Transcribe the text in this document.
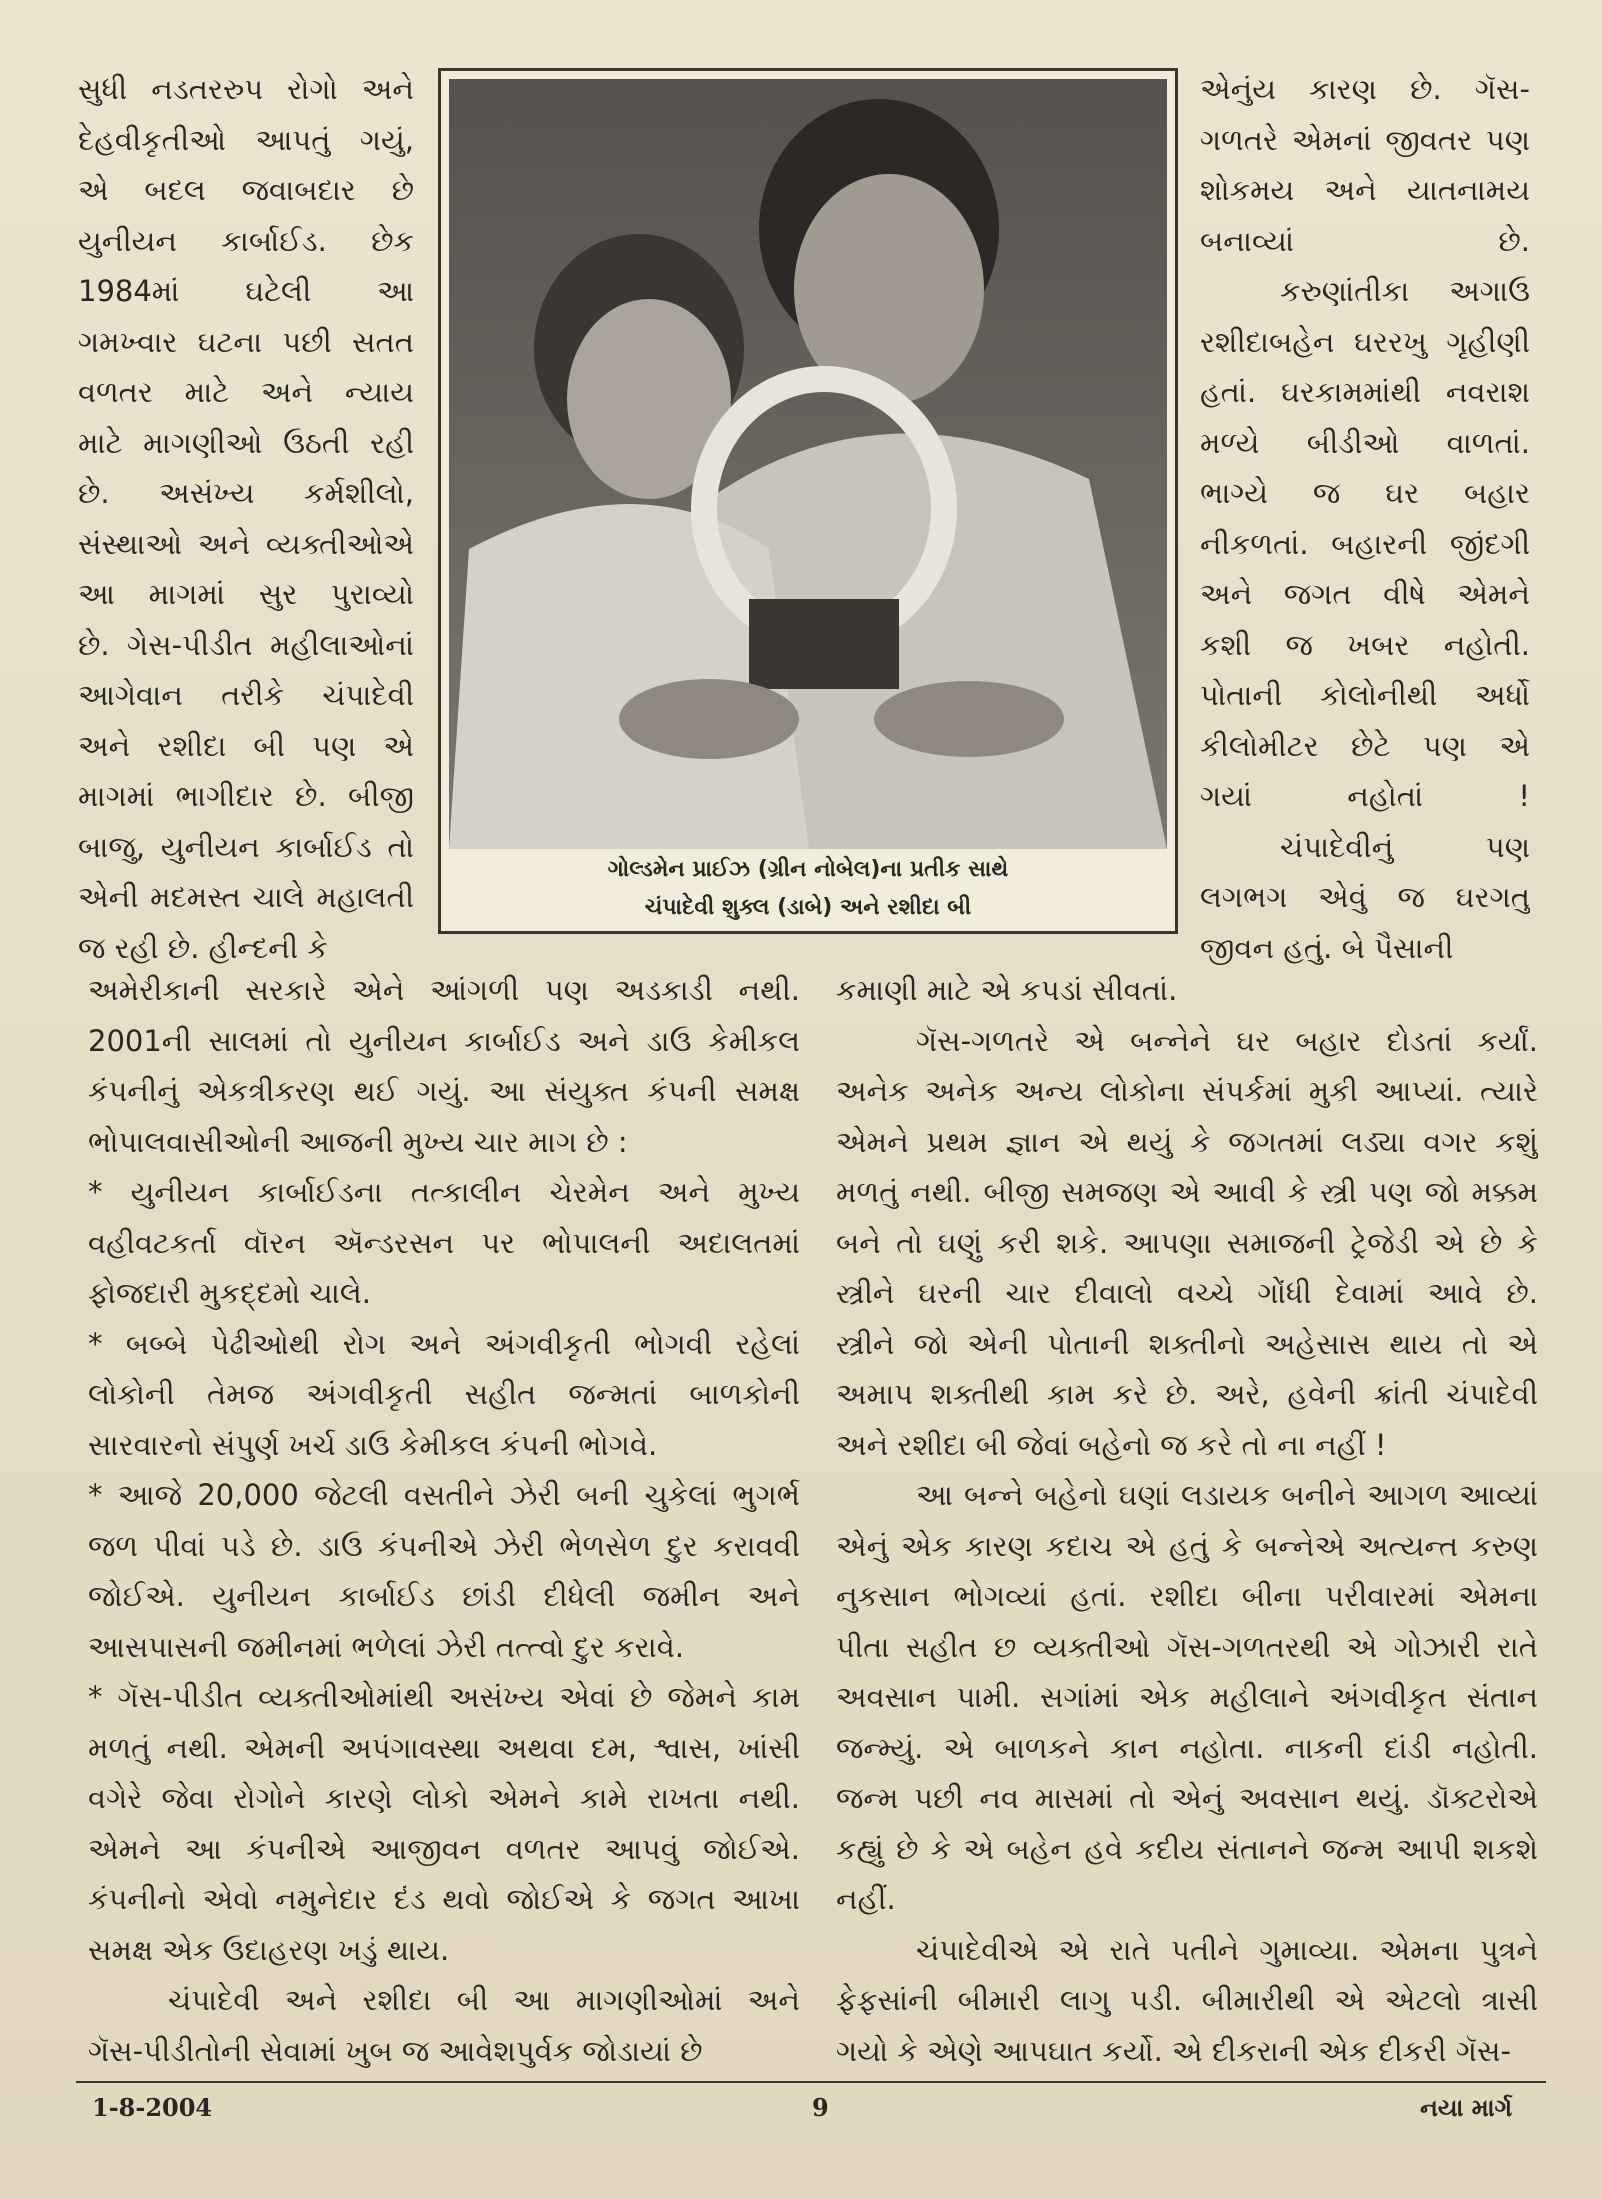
સુધી નડતરરુપ રોગો અને
દેહવીકૃતીઓ આપતું ગયું,
એ બદલ જવાબદાર છે
યુનીયન કાર્બાઈડ. છેક
1984માં ઘટેલી આ
ગમખ્વાર ઘટના પછી સતત
વળતર માટે અને ન્યાય
માટે માગણીઓ ઉઠતી રહી
છે. અસંખ્ય કર્મશીલો,
સંસ્થાઓ અને વ્યક્તીઓએ
આ માગમાં સુર પુરાવ્યો
છે. ગેસ-પીડીત મહીલાઓનાં
આગેવાન તરીકે ચંપાદેવી
અને રશીદા બી પણ એ
માગમાં ભાગીદાર છે. બીજી
બાજુ, યુનીયન કાર્બાઈડ તો
એની મદમસ્ત ચાલે મહાલતી
જ રહી છે. હીન્દની કે
ગોલ્ડમેન પ્રાઈઝ (ગ્રીન નોબેલ)ના પ્રતીક સાથે
ચંપાદેવી શુક્લ (ડાબે) અને રશીદા બી
એનુંય કારણ છે. ગૅસ-
ગળતરે એમનાં જીવતર પણ
શોકમય અને યાતનામય
બનાવ્યાં છે.
કરુણાંતીકા અગાઉ
રશીદાબહેન ઘરરખુ ગૃહીણી
હતાં. ઘરકામમાંથી નવરાશ
મળ્યે બીડીઓ વાળતાં.
ભાગ્યે જ ઘર બહાર
નીકળતાં. બહારની જીંદગી
અને જગત વીષે એમને
કશી જ ખબર નહોતી.
પોતાની કોલોનીથી અર્ધો
કીલોમીટર છેટે પણ એ
ગયાં નહોતાં !
ચંપાદેવીનું પણ
લગભગ એવું જ ઘરગતુ
જીવન હતું. બે પૈસાની
અમેરીકાની સરકારે એને આંગળી પણ અડકાડી નથી.
2001ની સાલમાં તો યુનીયન કાર્બાઈડ અને ડાઉ કેમીકલ
કંપનીનું એકત્રીકરણ થઈ ગયું. આ સંયુક્ત કંપની સમક્ષ
ભોપાલવાસીઓની આજની મુખ્ય ચાર માગ છે :
* યુનીયન કાર્બાઈડના તત્કાલીન ચેરમેન અને મુખ્ય
વહીવટકર્તા વૉરન ઍન્ડરસન પર ભોપાલની અદાલતમાં
ફોજદારી મુકદ્દમો ચાલે.
* બબ્બે પેઢીઓથી રોગ અને અંગવીકૃતી ભોગવી રહેલાં
લોકોની તેમજ અંગવીકૃતી સહીત જન્મતાં બાળકોની
સારવારનો સંપુર્ણ ખર્ચ ડાઉ કેમીકલ કંપની ભોગવે.
* આજે 20,000 જેટલી વસતીને ઝેરી બની ચુકેલાં ભુગર્ભ
જળ પીવાં પડે છે. ડાઉ કંપનીએ ઝેરી ભેળસેળ દુર કરાવવી
જોઈએ. યુનીયન કાર્બાઈડ છાંડી દીધેલી જમીન અને
આસપાસની જમીનમાં ભળેલાં ઝેરી તત્ત્વો દુર કરાવે.
* ગૅસ-પીડીત વ્યક્તીઓમાંથી અસંખ્ય એવાં છે જેમને કામ
મળતું નથી. એમની અપંગાવસ્થા અથવા દમ, શ્વાસ, ખાંસી
વગેરે જેવા રોગોને કારણે લોકો એમને કામે રાખતા નથી.
એમને આ કંપનીએ આજીવન વળતર આપવું જોઈએ.
કંપનીનો એવો નમુનેદાર દંડ થવો જોઈએ કે જગત આખા
સમક્ષ એક ઉદાહરણ ખડું થાય.
ચંપાદેવી અને રશીદા બી આ માગણીઓમાં અને
ગૅસ-પીડીતોની સેવામાં ખુબ જ આવેશપુર્વક જોડાયાં છે
કમાણી માટે એ કપડાં સીવતાં.
ગૅસ-ગળતરે એ બન્નેને ઘર બહાર દોડતાં કર્યાં.
અનેક અનેક અન્ય લોકોના સંપર્કમાં મુકી આપ્યાં. ત્યારે
એમને પ્રથમ જ્ઞાન એ થયું કે જગતમાં લડ્યા વગર કશું
મળતું નથી. બીજી સમજણ એ આવી કે સ્ત્રી પણ જો મક્કમ
બને તો ઘણું કરી શકે. આપણા સમાજની ટ્રેજેડી એ છે કે
સ્ત્રીને ઘરની ચાર દીવાલો વચ્ચે ગોંધી દેવામાં આવે છે.
સ્ત્રીને જો એની પોતાની શક્તીનો અહેસાસ થાય તો એ
અમાપ શક્તીથી કામ કરે છે. અરે, હવેની ક્રાંતી ચંપાદેવી
અને રશીદા બી જેવાં બહેનો જ કરે તો ના નહીં !
આ બન્ને બહેનો ઘણાં લડાયક બનીને આગળ આવ્યાં
એનું એક કારણ કદાચ એ હતું કે બન્નેએ અત્યન્ત કરુણ
નુકસાન ભોગવ્યાં હતાં. રશીદા બીના પરીવારમાં એમના
પીતા સહીત છ વ્યક્તીઓ ગૅસ-ગળતરથી એ ગોઝારી રાતે
અવસાન પામી. સગાંમાં એક મહીલાને અંગવીકૃત સંતાન
જન્મ્યું. એ બાળકને કાન નહોતા. નાકની દાંડી નહોતી.
જન્મ પછી નવ માસમાં તો એનું અવસાન થયું. ડૉક્ટરોએ
કહ્યું છે કે એ બહેન હવે કદીય સંતાનને જન્મ આપી શકશે
નહીં.
ચંપાદેવીએ એ રાતે પતીને ગુમાવ્યા. એમના પુત્રને
ફેફસાંની બીમારી લાગુ પડી. બીમારીથી એ એટલો ત્રાસી
ગયો કે એણે આપઘાત કર્યો. એ દીકરાની એક દીકરી ગૅસ-
1-8-2004	9	નયા માર્ગ
